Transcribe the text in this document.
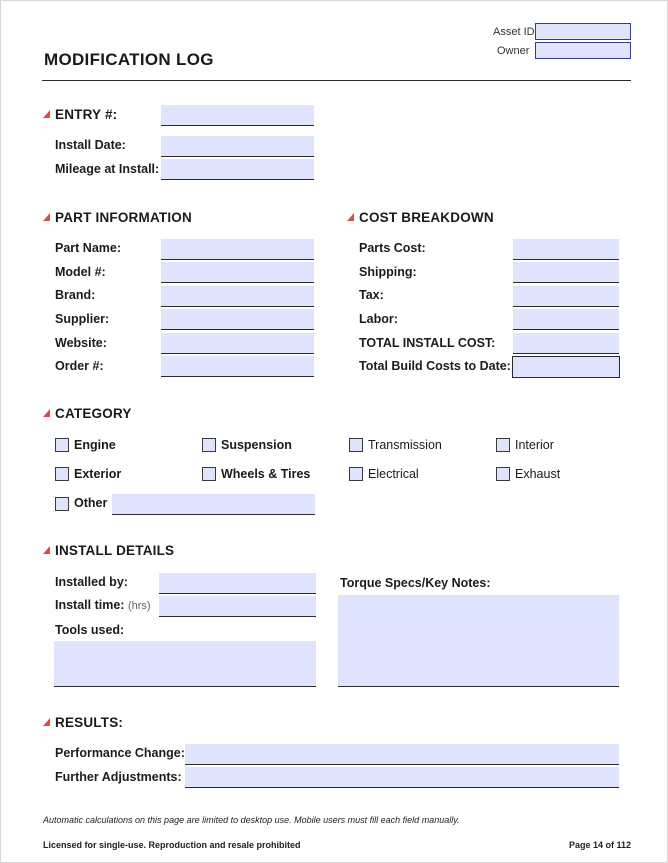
Asset ID
Owner
MODIFICATION LOG
ENTRY #:
Install Date:
Mileage at Install:
PART INFORMATION
Part Name:
Model #:
Brand:
Supplier:
Website:
Order #:
COST BREAKDOWN
Parts Cost:
Shipping:
Tax:
Labor:
TOTAL INSTALL COST:
Total Build Costs to Date:
CATEGORY
Engine	Suspension	Transmission	Interior
Exterior	Wheels & Tires	Electrical	Exhaust
Other
INSTALL DETAILS
Installed by:
Install time: (hrs)
Tools used:
Torque Specs/Key Notes:
RESULTS:
Performance Change:
Further Adjustments:
Automatic calculations on this page are limited to desktop use. Mobile users must fill each field manually.
Licensed for single-use. Reproduction and resale prohibited	Page 14 of 112
